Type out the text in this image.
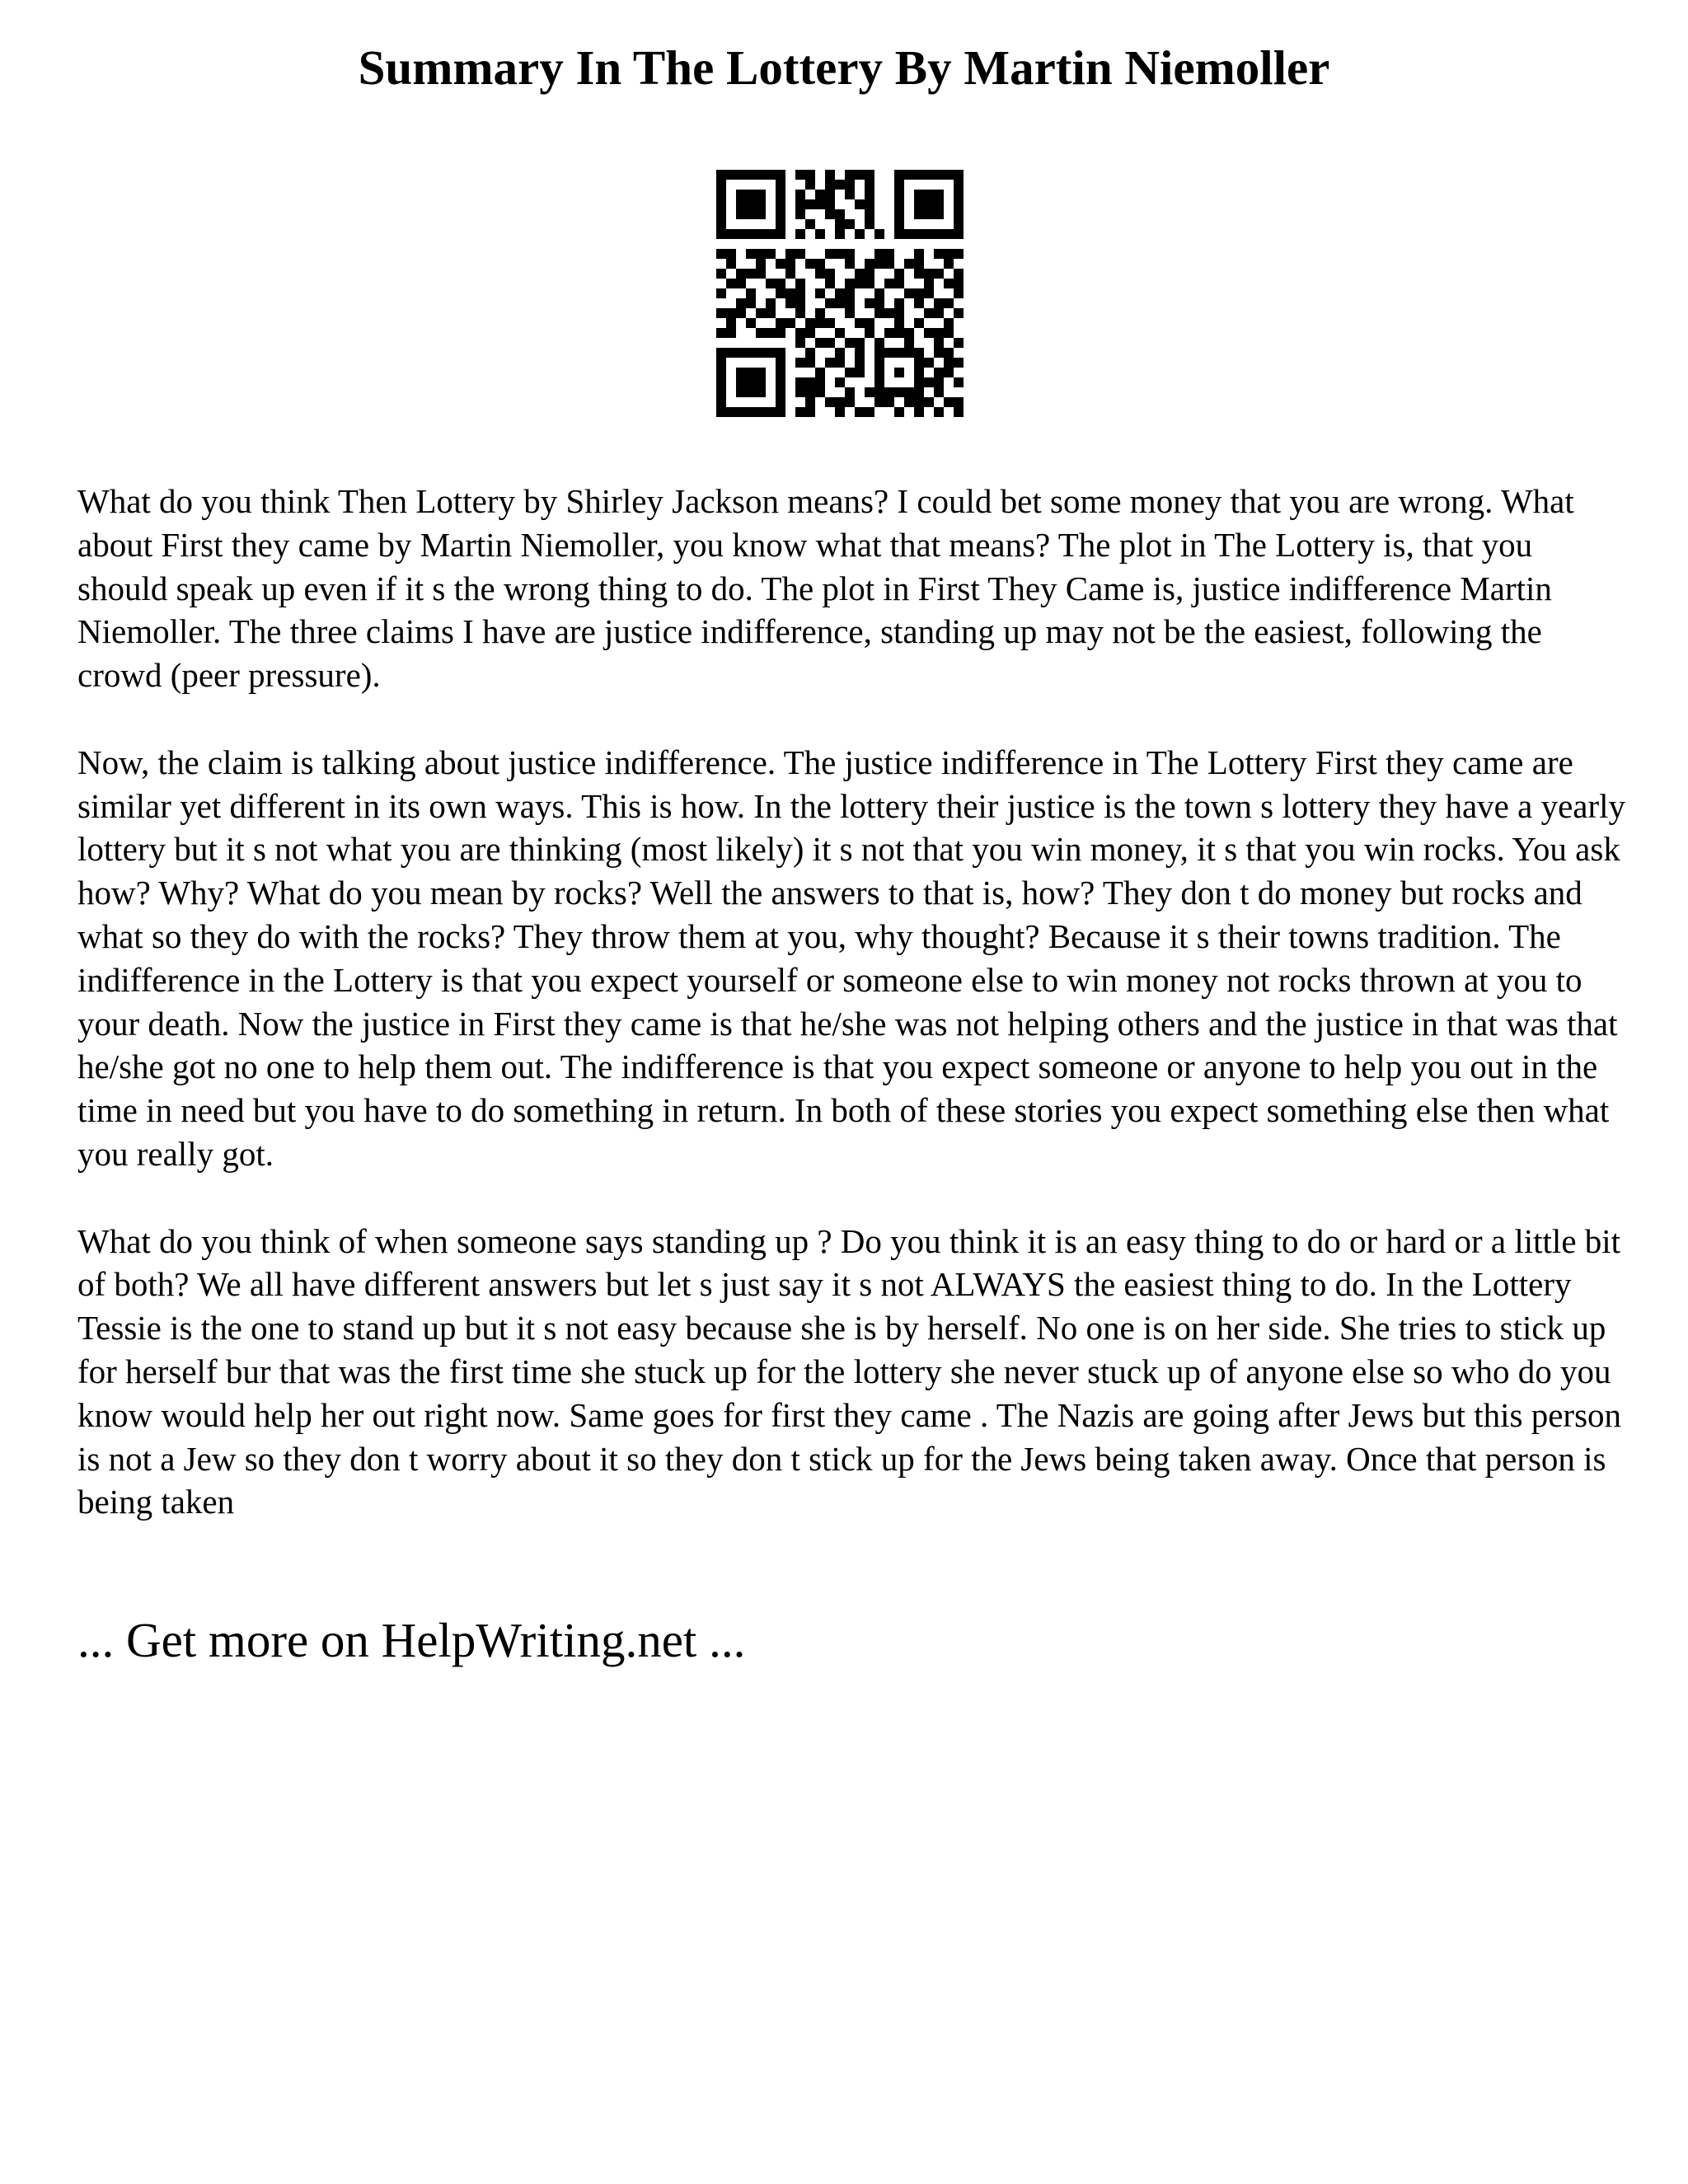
Summary In The Lottery By Martin Niemoller

What do you think Then Lottery by Shirley Jackson means? I could bet some money that you are wrong. What about First they came by Martin Niemoller, you know what that means? The plot in The Lottery is, that you should speak up even if it s the wrong thing to do. The plot in First They Came is, justice indifference Martin Niemoller. The three claims I have are justice indifference, standing up may not be the easiest, following the crowd (peer pressure).

Now, the claim is talking about justice indifference. The justice indifference in The Lottery First they came are similar yet different in its own ways. This is how. In the lottery their justice is the town s lottery they have a yearly lottery but it s not what you are thinking (most likely) it s not that you win money, it s that you win rocks. You ask how? Why? What do you mean by rocks? Well the answers to that is, how? They don t do money but rocks and what so they do with the rocks? They throw them at you, why thought? Because it s their towns tradition. The indifference in the Lottery is that you expect yourself or someone else to win money not rocks thrown at you to your death. Now the justice in First they came is that he/she was not helping others and the justice in that was that he/she got no one to help them out. The indifference is that you expect someone or anyone to help you out in the time in need but you have to do something in return. In both of these stories you expect something else then what you really got.

What do you think of when someone says standing up ? Do you think it is an easy thing to do or hard or a little bit of both? We all have different answers but let s just say it s not ALWAYS the easiest thing to do. In the Lottery Tessie is the one to stand up but it s not easy because she is by herself. No one is on her side. She tries to stick up for herself bur that was the first time she stuck up for the lottery she never stuck up of anyone else so who do you know would help her out right now. Same goes for first they came . The Nazis are going after Jews but this person is not a Jew so they don t worry about it so they don t stick up for the Jews being taken away. Once that person is being taken

... Get more on HelpWriting.net ...
